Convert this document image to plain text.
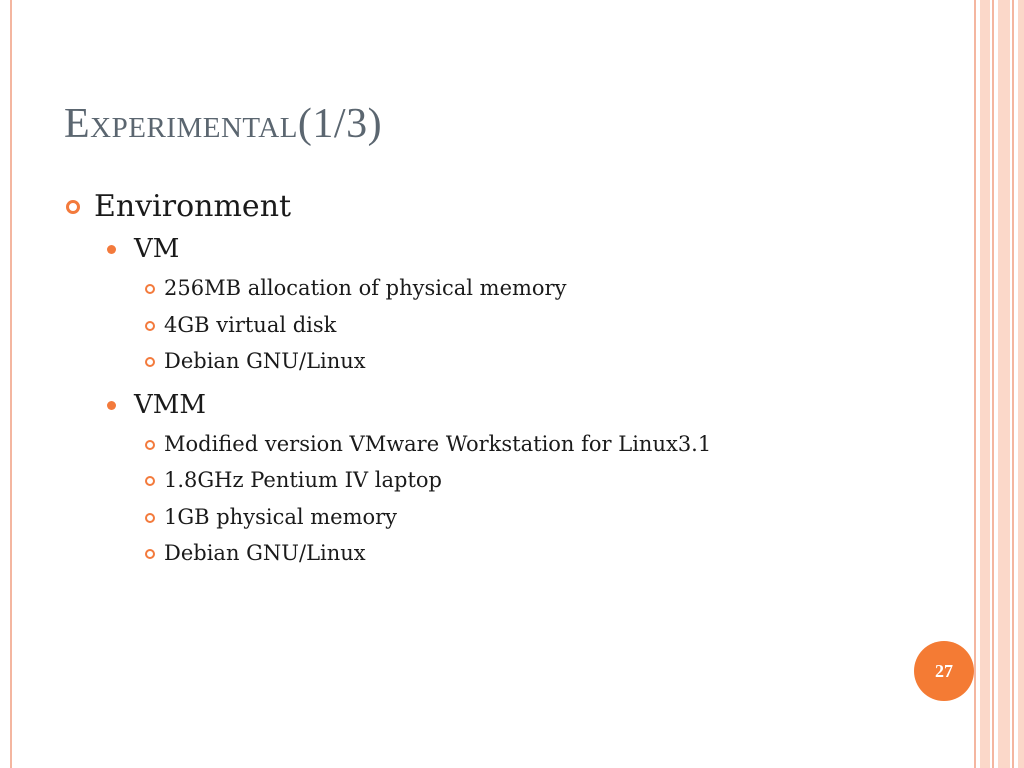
Experimental(1/3)
Environment
VM
256MB allocation of physical memory
4GB virtual disk
Debian GNU/Linux
VMM
Modified version VMware Workstation for Linux3.1
1.8GHz Pentium IV laptop
1GB physical memory
Debian GNU/Linux
27
